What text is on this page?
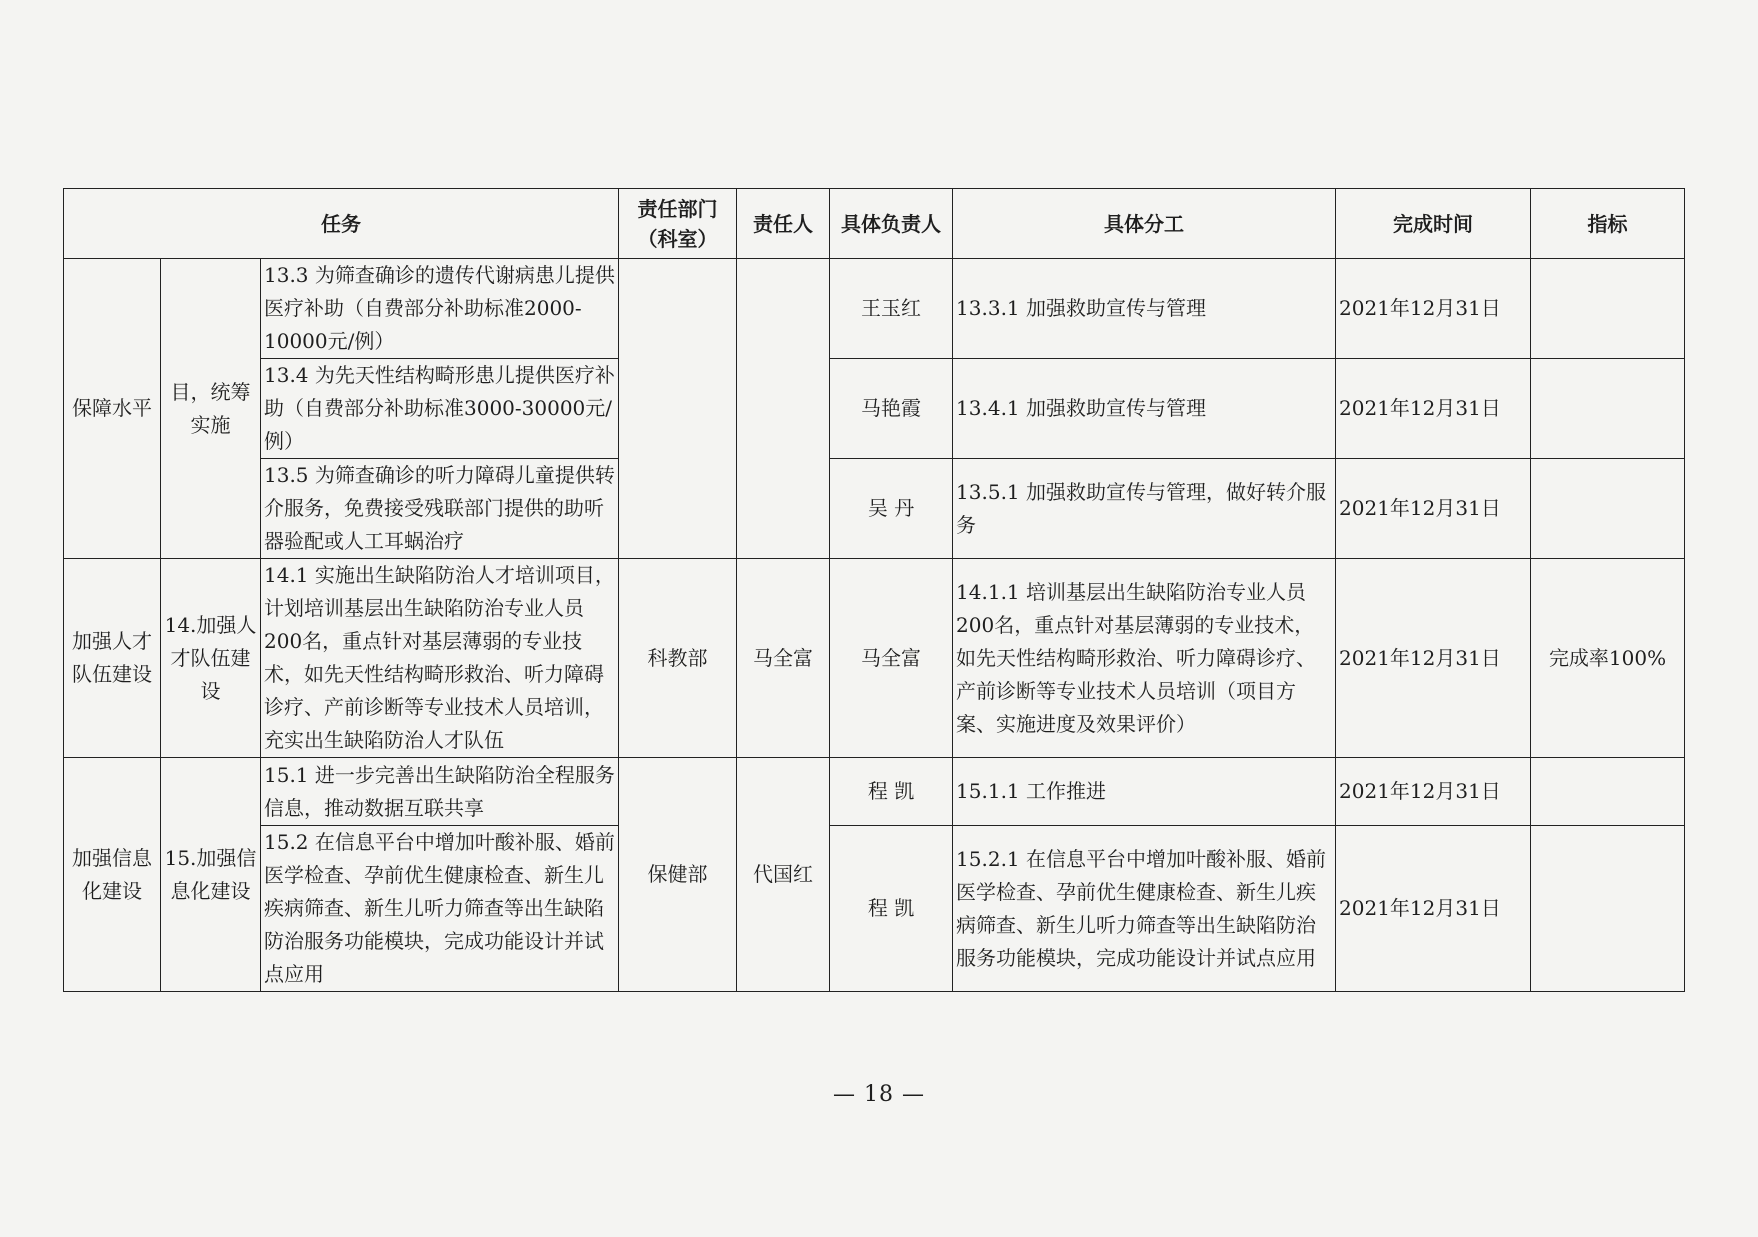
任务			责任部门（科室）	责任人	具体负责人	具体分工	完成时间	指标
保障水平	目，统筹实施	13.3 为筛查确诊的遗传代谢病患儿提供医疗补助（自费部分补助标准2000-10000元/例）			王玉红	13.3.1 加强救助宣传与管理	2021年12月31日	
		13.4 为先天性结构畸形患儿提供医疗补助（自费部分补助标准3000-30000元/例）			马艳霞	13.4.1 加强救助宣传与管理	2021年12月31日	
		13.5 为筛查确诊的听力障碍儿童提供转介服务，免费接受残联部门提供的助听器验配或人工耳蜗治疗			吴 丹	13.5.1 加强救助宣传与管理，做好转介服务	2021年12月31日	
加强人才队伍建设	14.加强人才队伍建设	14.1 实施出生缺陷防治人才培训项目，计划培训基层出生缺陷防治专业人员200名，重点针对基层薄弱的专业技术，如先天性结构畸形救治、听力障碍诊疗、产前诊断等专业技术人员培训，充实出生缺陷防治人才队伍	科教部	马全富	马全富	14.1.1 培训基层出生缺陷防治专业人员200名，重点针对基层薄弱的专业技术，如先天性结构畸形救治、听力障碍诊疗、产前诊断等专业技术人员培训（项目方案、实施进度及效果评价）	2021年12月31日	完成率100%
加强信息化建设	15.加强信息化建设	15.1 进一步完善出生缺陷防治全程服务信息，推动数据互联共享	保健部	代国红	程 凯	15.1.1 工作推进	2021年12月31日	
		15.2 在信息平台中增加叶酸补服、婚前医学检查、孕前优生健康检查、新生儿疾病筛查、新生儿听力筛查等出生缺陷防治服务功能模块，完成功能设计并试点应用			程 凯	15.2.1 在信息平台中增加叶酸补服、婚前医学检查、孕前优生健康检查、新生儿疾病筛查、新生儿听力筛查等出生缺陷防治服务功能模块，完成功能设计并试点应用	2021年12月31日	
— 18 —
